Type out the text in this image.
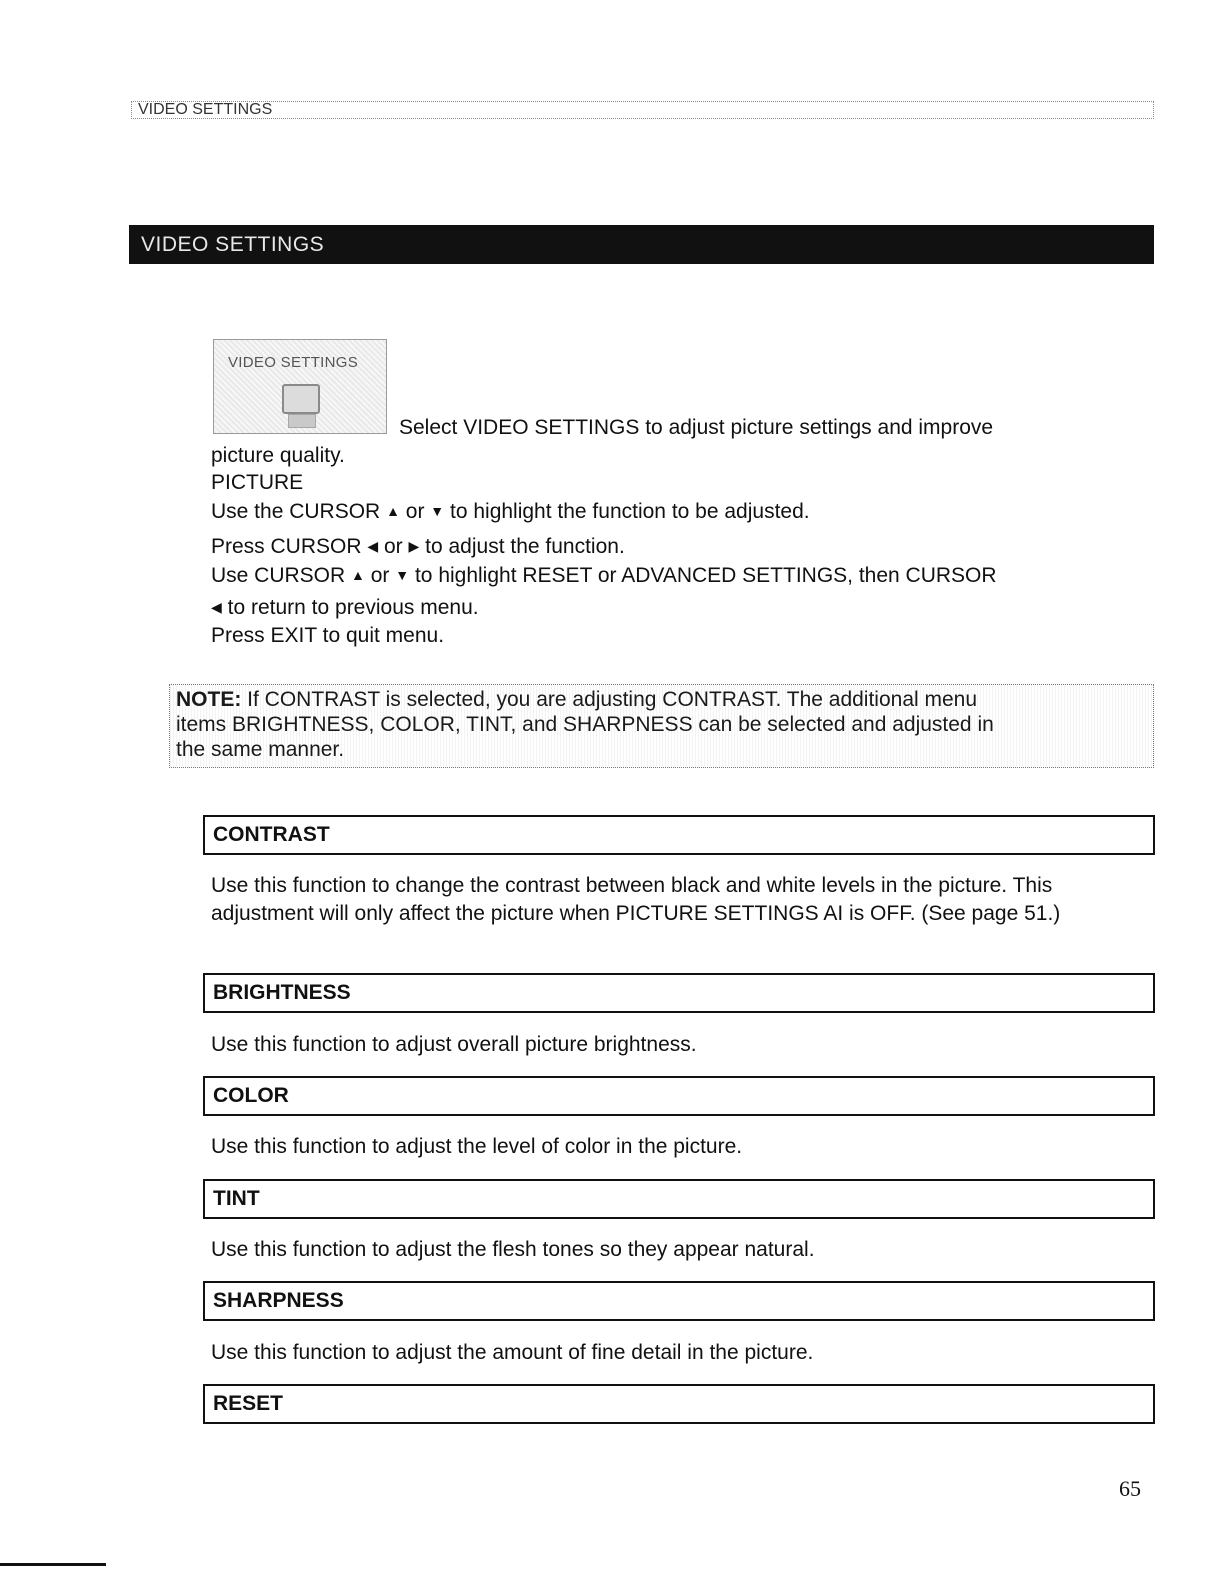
VIDEO SETTINGS
VIDEO SETTINGS
VIDEO SETTINGS
Select VIDEO SETTINGS to adjust picture settings and improve
picture quality.
PICTURE
Use the CURSOR ▲ or ▼ to highlight the function to be adjusted.
Press CURSOR ◀ or ▶ to adjust the function.
Use CURSOR ▲ or ▼ to highlight RESET or ADVANCED SETTINGS, then CURSOR
◀ to return to previous menu.
Press EXIT to quit menu.
NOTE: If CONTRAST is selected, you are adjusting CONTRAST. The additional menu
items BRIGHTNESS, COLOR, TINT, and SHARPNESS can be selected and adjusted in
the same manner.
CONTRAST
Use this function to change the contrast between black and white levels in the picture. This adjustment will only affect the picture when PICTURE SETTINGS AI is OFF. (See page 51.)
BRIGHTNESS
Use this function to adjust overall picture brightness.
COLOR
Use this function to adjust the level of color in the picture.
TINT
Use this function to adjust the flesh tones so they appear natural.
SHARPNESS
Use this function to adjust the amount of fine detail in the picture.
RESET
65
